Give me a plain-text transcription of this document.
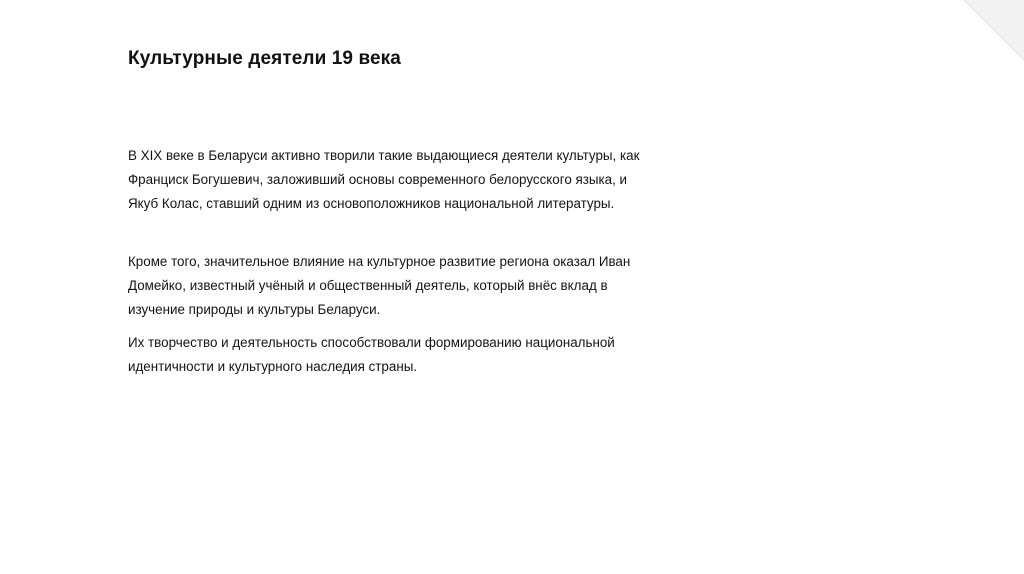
Культурные деятели 19 века

В XIX веке в Беларуси активно творили такие выдающиеся деятели культуры, как
Франциск Богушевич, заложивший основы современного белорусского языка, и
Якуб Колас, ставший одним из основоположников национальной литературы.

Кроме того, значительное влияние на культурное развитие региона оказал Иван
Домейко, известный учёный и общественный деятель, который внёс вклад в
изучение природы и культуры Беларуси.

Их творчество и деятельность способствовали формированию национальной
идентичности и культурного наследия страны.
